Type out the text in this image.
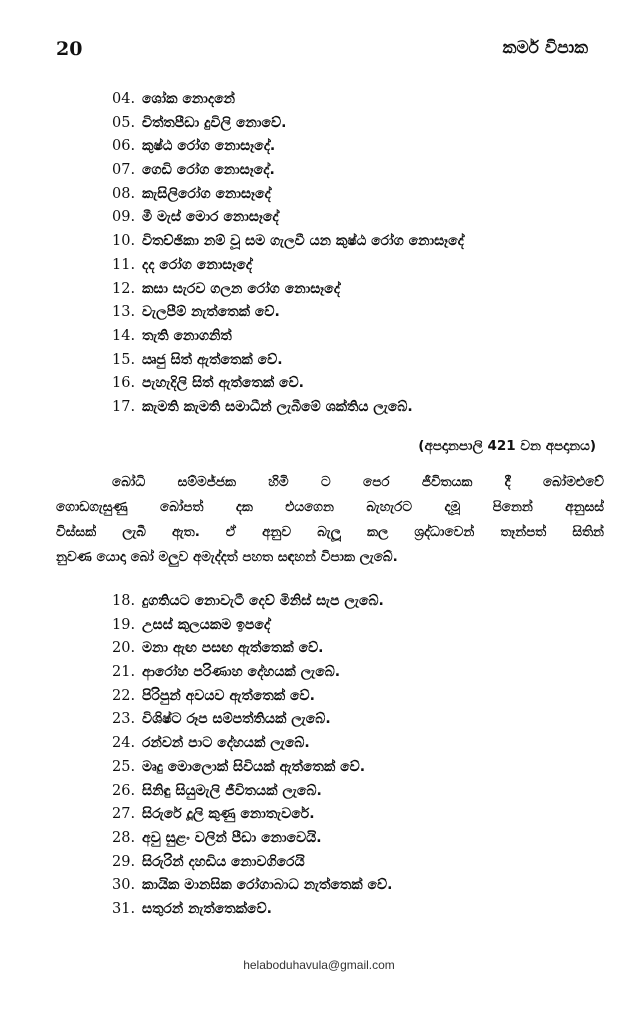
20	කර්ම විපාක
04. ශෝක නොදනේ
05. චිත්තපීඩා දුවිලි නොවේ.
06. කුෂ්ඨ රෝග නොසෑදේ.
07. ගෙඩි රෝග නොසෑදේ.
08. කැසිලිරෝග නොසෑදේ
09. මී මැස් මොර නොසෑදේ
10. විතච්ඡිකා නම් වූ සම ගැලවී යන කුෂ්ඨ රෝග නොසෑදේ
11. දද රෝග නොසෑදේ
12. කසා සැරව ගලන රෝග නොසෑදේ
13. වැලපීම් නැත්තෙක් වේ.
14. තැති නොගනිත්
15. ඍජු සිත් ඇත්තෙක් වේ.
16. පැහැදිලි සිත් ඇත්තෙක් වේ.
17. කැමති කැමති සමාධීන් ලැබීමේ ශක්තිය ලැබේ.
(අපදානපාලි 421 වන අපදානය)
බෝධි සම්මජ්ජක හිමි ට පෙර ජීවිතයක දී බෝමළුවේ
ගොඩගැසුණු බෝපත් දක එයගෙන බැහැරට දමූ පිනෙන් අනුසස්
විස්සක් ලැබී ඇත. ඒ අනුව බැලූ කල ශ්‍රද්ධාවෙන් තෑන්පත් සිතින්
නුවණ යොදා බෝ මලුව අමැද්දත් පහත සඳහන් විපාක ලැබේ.
18. දුගතියට නොවැටී දෙව් මිනිස් සැප ලැබේ.
19. උසස් කුලයකම ඉපදේ
20. මනා ඇඟ පසඟ ඇත්තෙක් වේ.
21. ආරෝහ පරිණාහ දේහයක් ලැබේ.
22. පිරිපුන් අවයව ඇත්තෙක් වේ.
23. විශිෂ්ට රූප සම්පත්තියක් ලැබේ.
24. රන්වන් පාට දේහයක් ලැබේ.
25. මෘදු මොලොක් සිවියක් ඇත්තෙක් වේ.
26. සිනිඳු සියුමැලි ජීවිතයක් ලැබේ.
27. සිරුරේ දූලි කුණු නොතැවරේ.
28. අවු සුළං වලින් පීඩා නොවෙයි.
29. සිරුරින් දහඩිය නොවගිරෙයි
30. කායික මානසික රෝගාබාධ නැත්තෙක් වේ.
31. සතුරන් නැත්තෙක්වේ.
helaboduhavula@gmail.com
